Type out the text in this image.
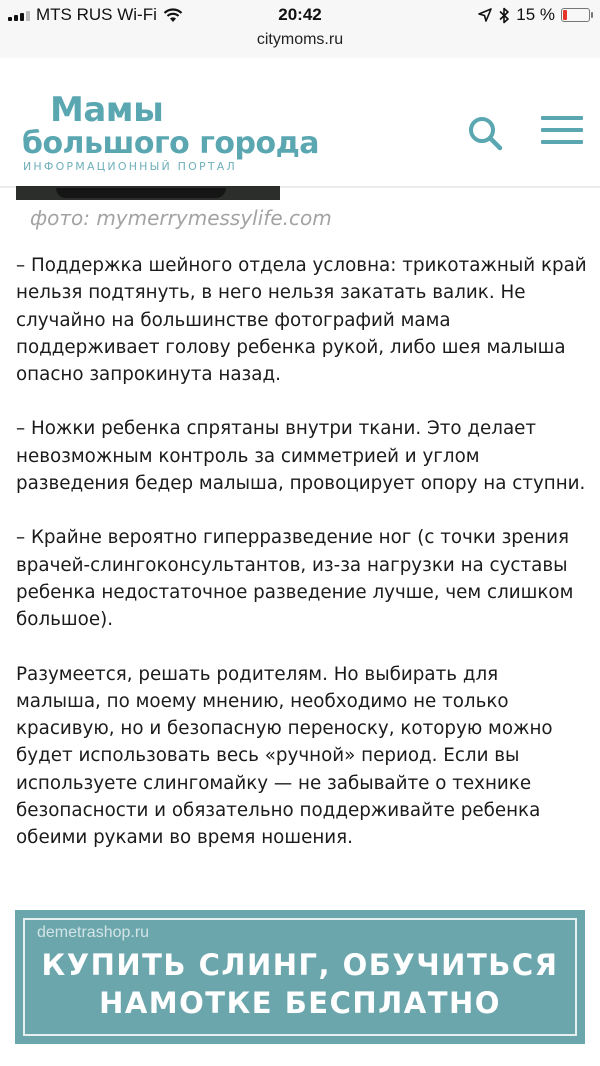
MTS RUS Wi-Fi	20:42	15 %
citymoms.ru
Мамы
большого города
ИНФОРМАЦИОННЫЙ ПОРТАЛ
фото: mymerrymessylife.com

– Поддержка шейного отдела условна: трикотажный край нельзя подтянуть, в него нельзя закатать валик. Не случайно на большинстве фотографий мама поддерживает голову ребенка рукой, либо шея малыша опасно запрокинута назад.

– Ножки ребенка спрятаны внутри ткани. Это делает невозможным контроль за симметрией и углом разведения бедер малыша, провоцирует опору на ступни.

– Крайне вероятно гиперразведение ног (с точки зрения врачей-слингоконсультантов, из-за нагрузки на суставы ребенка недостаточное разведение лучше, чем слишком большое).

Разумеется, решать родителям. Но выбирать для малыша, по моему мнению, необходимо не только красивую, но и безопасную переноску, которую можно будет использовать весь «ручной» период. Если вы используете слингомайку — не забывайте о технике безопасности и обязательно поддерживайте ребенка обеими руками во время ношения.

demetrashop.ru
КУПИТЬ СЛИНГ, ОБУЧИТЬСЯ
НАМОТКЕ БЕСПЛАТНО
